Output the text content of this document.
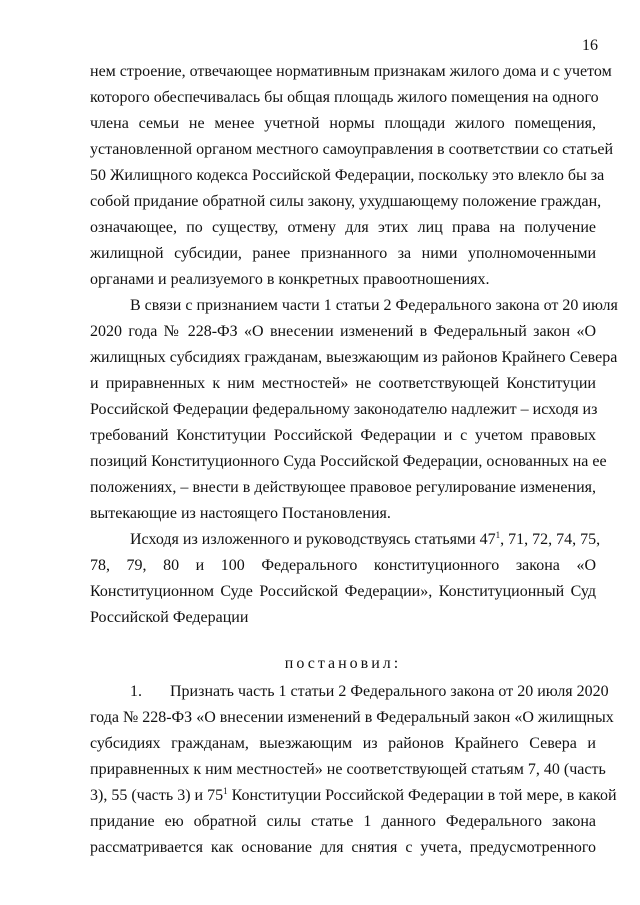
16
нем строение, отвечающее нормативным признакам жилого дома и с учетом
которого обеспечивалась бы общая площадь жилого помещения на одного
члена семьи не менее учетной нормы площади жилого помещения,
установленной органом местного самоуправления в соответствии со статьей
50 Жилищного кодекса Российской Федерации, поскольку это влекло бы за
собой придание обратной силы закону, ухудшающему положение граждан,
означающее, по существу, отмену для этих лиц права на получение
жилищной субсидии, ранее признанного за ними уполномоченными
органами и реализуемого в конкретных правоотношениях.
В связи с признанием части 1 статьи 2 Федерального закона от 20 июля
2020 года № 228-ФЗ «О внесении изменений в Федеральный закон «О
жилищных субсидиях гражданам, выезжающим из районов Крайнего Севера
и приравненных к ним местностей» не соответствующей Конституции
Российской Федерации федеральному законодателю надлежит – исходя из
требований Конституции Российской Федерации и с учетом правовых
позиций Конституционного Суда Российской Федерации, основанных на ее
положениях, – внести в действующее правовое регулирование изменения,
вытекающие из настоящего Постановления.
Исходя из изложенного и руководствуясь статьями $47^1$, 71, 72, 74, 75,
78, 79, 80 и 100 Федерального конституционного закона «О
Конституционном Суде Российской Федерации», Конституционный Суд
Российской Федерации
постановил:
1. Признать часть 1 статьи 2 Федерального закона от 20 июля 2020
года № 228-ФЗ «О внесении изменений в Федеральный закон «О жилищных
субсидиях гражданам, выезжающим из районов Крайнего Севера и
приравненных к ним местностей» не соответствующей статьям 7, 40 (часть
3), 55 (часть 3) и $75^1$ Конституции Российской Федерации в той мере, в какой
придание ею обратной силы статье 1 данного Федерального закона
рассматривается как основание для снятия с учета, предусмотренного
